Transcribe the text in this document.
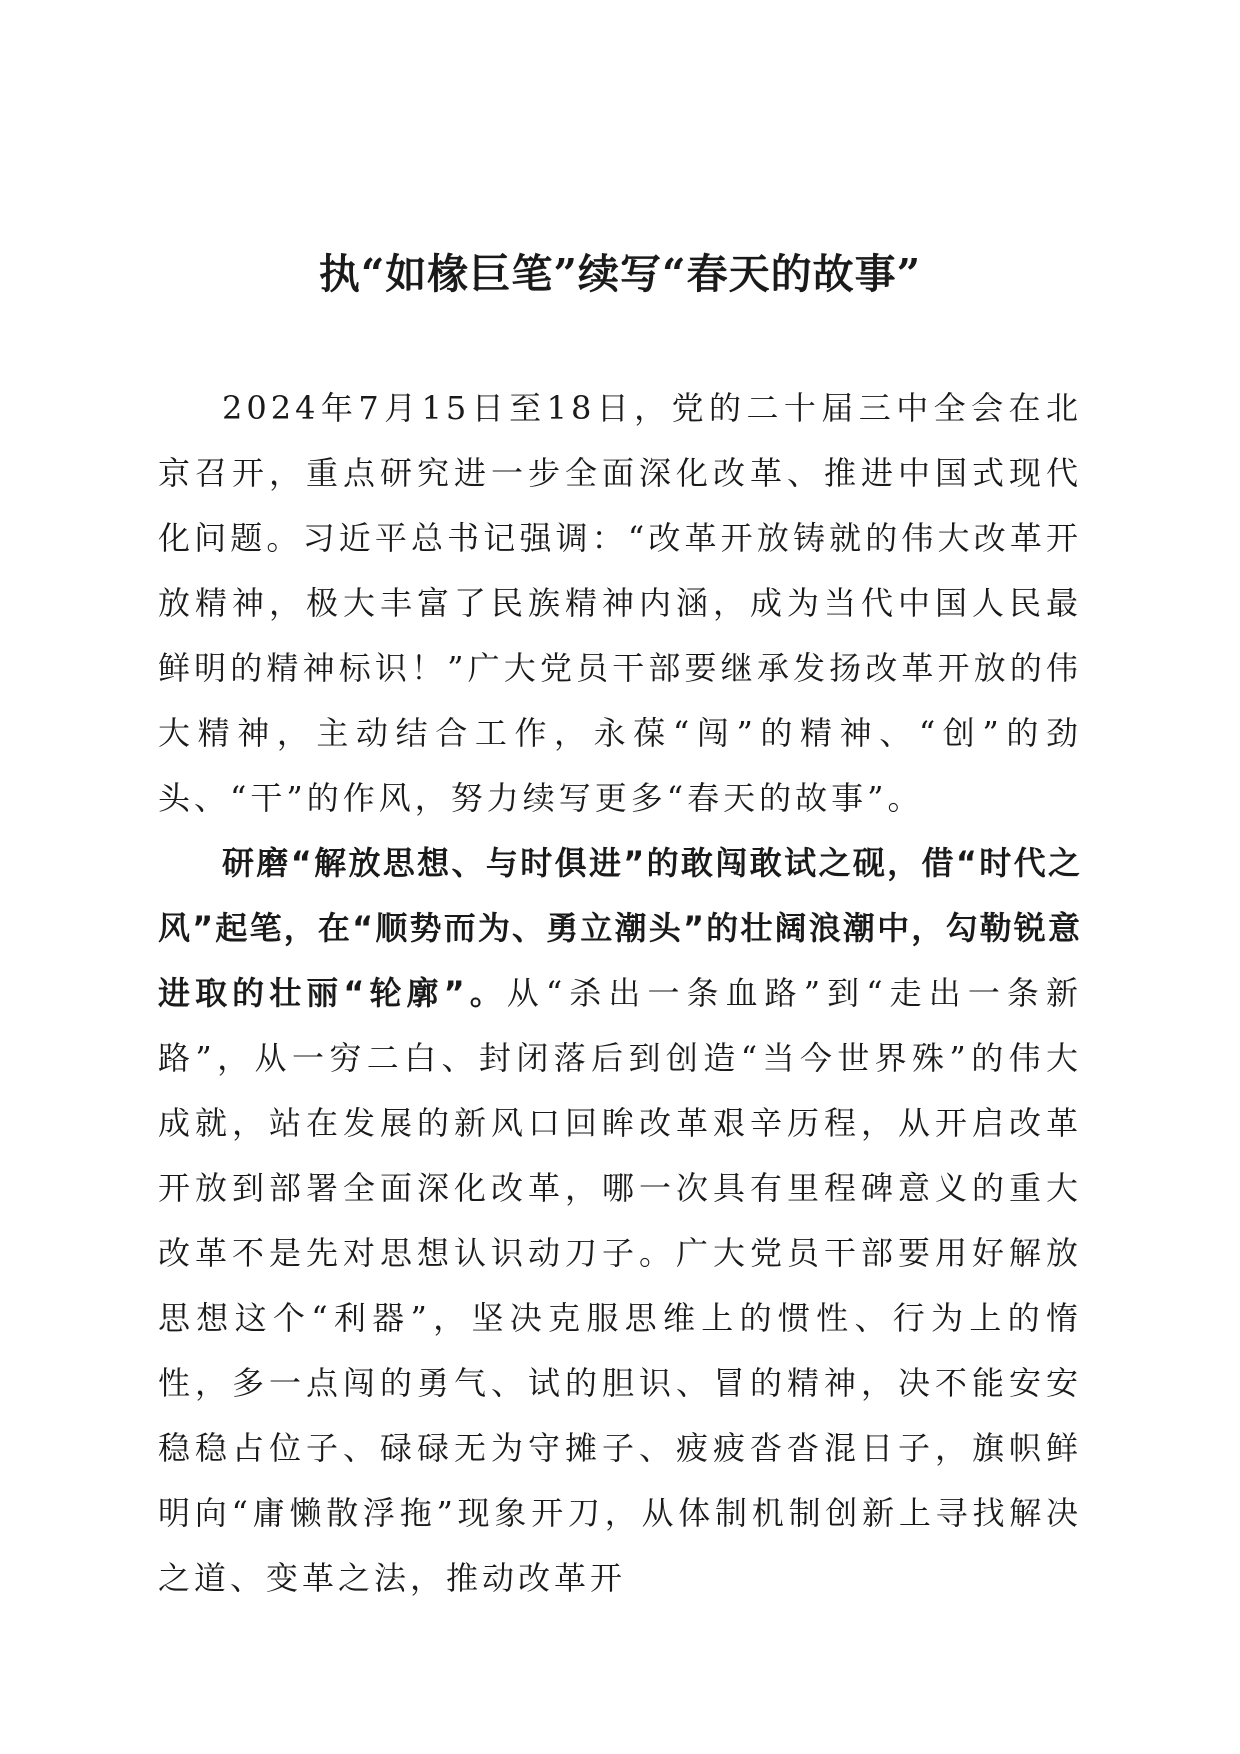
执“如椽巨笔”续写“春天的故事”

2024年7月15日至18日，党的二十届三中全会在北京召开，重点研究进一步全面深化改革、推进中国式现代化问题。习近平总书记强调：“改革开放铸就的伟大改革开放精神，极大丰富了民族精神内涵，成为当代中国人民最鲜明的精神标识！”广大党员干部要继承发扬改革开放的伟大精神，主动结合工作，永葆“闯”的精神、“创”的劲头、“干”的作风，努力续写更多“春天的故事”。

研磨“解放思想、与时俱进”的敢闯敢试之砚，借“时代之风”起笔，在“顺势而为、勇立潮头”的壮阔浪潮中，勾勒锐意进取的壮丽“轮廓”。从“杀出一条血路”到“走出一条新路”，从一穷二白、封闭落后到创造“当今世界殊”的伟大成就，站在发展的新风口回眸改革艰辛历程，从开启改革开放到部署全面深化改革，哪一次具有里程碑意义的重大改革不是先对思想认识动刀子。广大党员干部要用好解放思想这个“利器”，坚决克服思维上的惯性、行为上的惰性，多一点闯的勇气、试的胆识、冒的精神，决不能安安稳稳占位子、碌碌无为守摊子、疲疲沓沓混日子，旗帜鲜明向“庸懒散浮拖”现象开刀，从体制机制创新上寻找解决之道、变革之法，推动改革开
